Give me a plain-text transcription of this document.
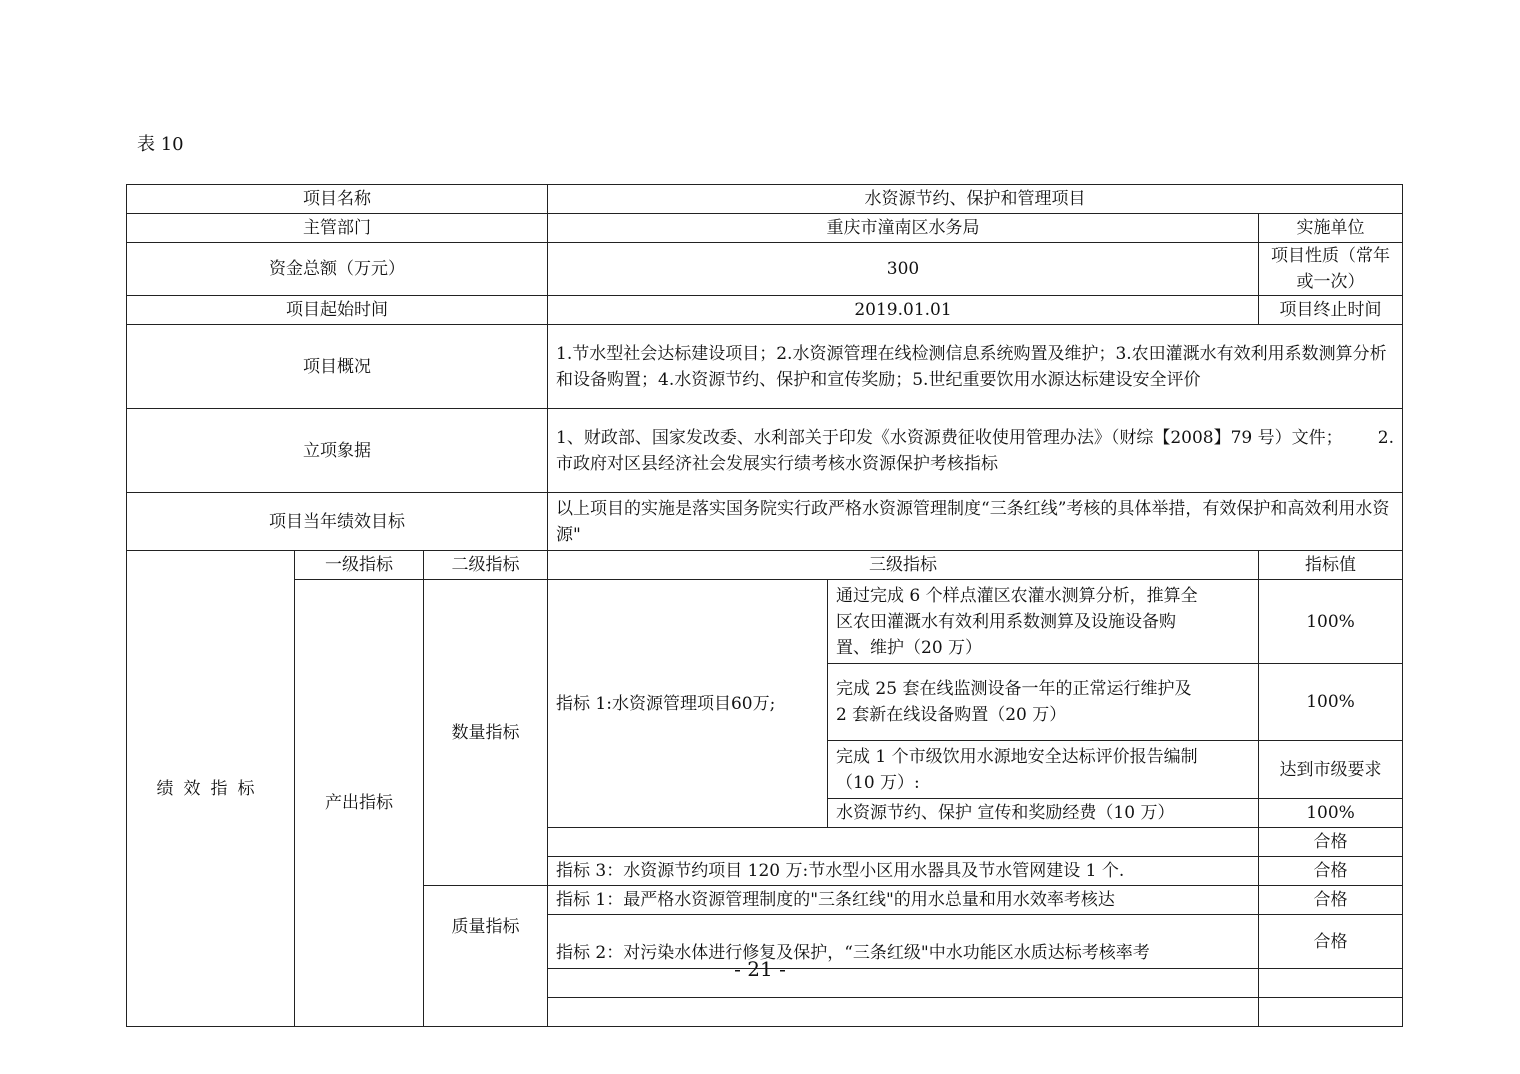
表 10
项目名称			水资源节约、保护和管理项目		
主管部门			重庆市潼南区水务局		实施单位
资金总额（万元）			300		项目性质（常年或一次）
项目起始时间			2019.01.01		项目终止时间
项目概况			1.节水型社会达标建设项目；2.水资源管理在线检测信息系统购置及维护；3.农田灌溉水有效利用系数测算分析和设备购置；4.水资源节约、保护和宣传奖励；5.世纪重要饮用水源达标建设安全评价		
立项象据			1、财政部、国家发改委、水利部关于印发《水资源费征收使用管理办法》（财综【2008】79 号）文件； 2.
市政府对区县经济社会发展实行绩考核水资源保护考核指标		

项目当年绩效目标			以上项目的实施是落实国务院实行政严格水资源管理制度“三条红线”考核的具体举措，有效保护和高效利用水资源"		
绩效指标	一级指标	二级指标	三级指标		指标值
	产出指标	数量指标	指标 1:水资源管理项目60万;	通过完成 6 个样点灌区农灌水测算分析，推算全
区农田灌溉水有效利用系数测算及设施设备购
置、维护（20 万）	100%

				完成 25 套在线监测设备一年的正常运行维护及
2 套新在线设备购置（20 万）	100%

				完成 1 个市级饮用水源地安全达标评价报告编制
（10 万）:	达到市级要求
				水资源节约、保护 宣传和奖励经费（10 万）	100%
					合格
			指标 3：水资源节约项目 120 万:节水型小区用水器具及节水管网建设 1 个.		合格

		质量指标	指标 1：最严格水资源管理制度的"三条红线"的用水总量和用水效率考核达		合格
			指标 2：对污染水体进行修复及保护，“三条红级"中水功能区水质达标考核率考		合格

- 21 -
